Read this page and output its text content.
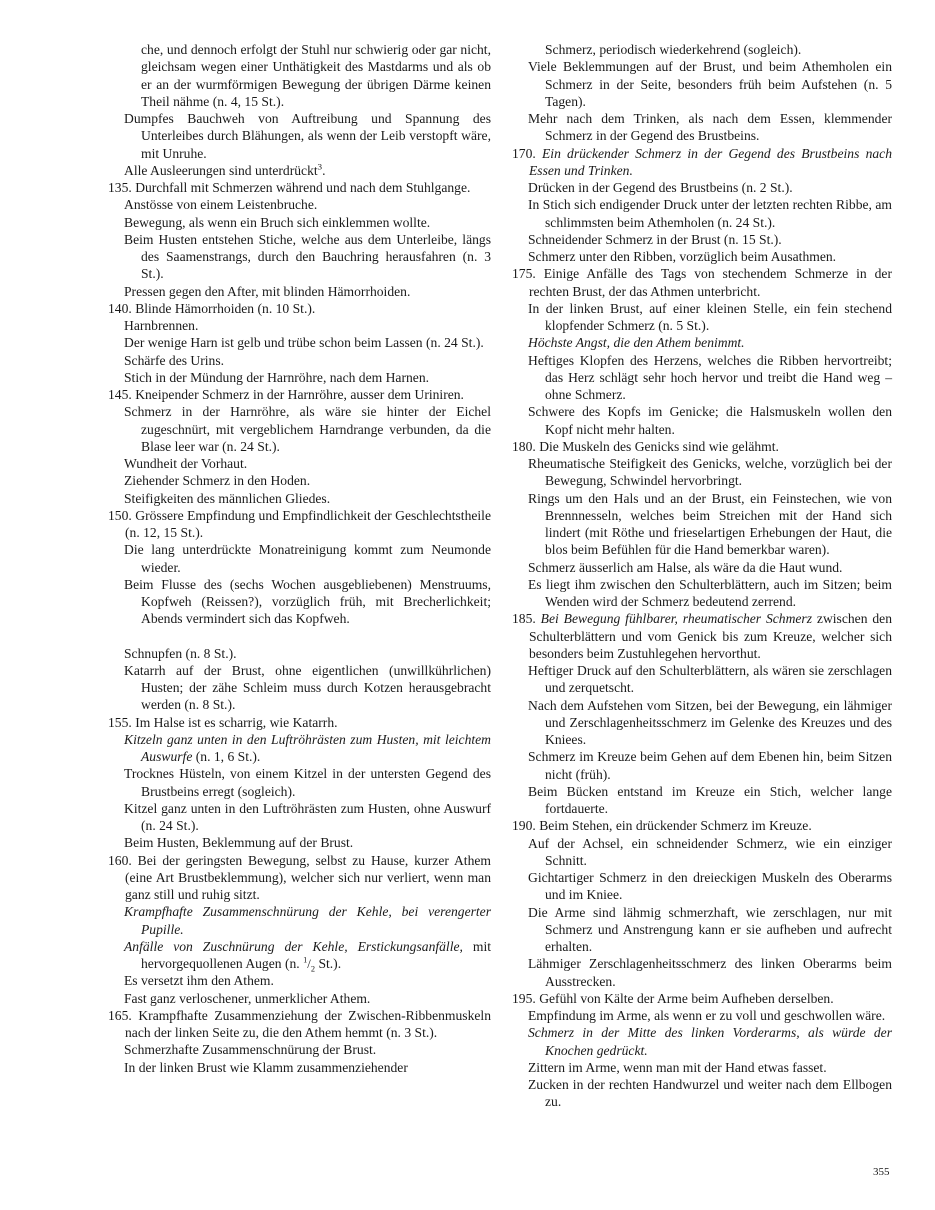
che, und dennoch erfolgt der Stuhl nur schwierig oder gar nicht, gleichsam wegen einer Unthätigkeit des Mastdarms und als ob er an der wurmförmigen Bewegung der übrigen Därme keinen Theil nähme (n. 4, 15 St.).

Dumpfes Bauchweh von Auftreibung und Spannung des Unterleibes durch Blähungen, als wenn der Leib verstopft wäre, mit Unruhe.

Alle Ausleerungen sind unterdrückt$^3$.

135. Durchfall mit Schmerzen während und nach dem Stuhlgange.

Anstösse von einem Leistenbruche.

Bewegung, als wenn ein Bruch sich einklemmen wollte.

Beim Husten entstehen Stiche, welche aus dem Unterleibe, längs des Saamenstrangs, durch den Bauchring herausfahren (n. 3 St.).

Pressen gegen den After, mit blinden Hämorrhoiden.

140. Blinde Hämorrhoiden (n. 10 St.).

Harnbrennen.

Der wenige Harn ist gelb und trübe schon beim Lassen (n. 24 St.).

Schärfe des Urins.

Stich in der Mündung der Harnröhre, nach dem Harnen.

145. Kneipender Schmerz in der Harnröhre, ausser dem Uriniren.

Schmerz in der Harnröhre, als wäre sie hinter der Eichel zugeschnürt, mit vergeblichem Harndrange verbunden, da die Blase leer war (n. 24 St.).

Wundheit der Vorhaut.

Ziehender Schmerz in den Hoden.

Steifigkeiten des männlichen Gliedes.

150. Grössere Empfindung und Empfindlichkeit der Geschlechtstheile (n. 12, 15 St.).

Die lang unterdrückte Monatreinigung kommt zum Neumonde wieder.

Beim Flusse des (sechs Wochen ausgebliebenen) Menstruums, Kopfweh (Reissen?), vorzüglich früh, mit Brecherlichkeit; Abends vermindert sich das Kopfweh.

Schnupfen (n. 8 St.).

Katarrh auf der Brust, ohne eigentlichen (unwillkührlichen) Husten; der zähe Schleim muss durch Kotzen herausgebracht werden (n. 8 St.).

155. Im Halse ist es scharrig, wie Katarrh.

Kitzeln ganz unten in den Luftröhrästen zum Husten, mit leichtem Auswurfe (n. 1, 6 St.).

Trocknes Hüsteln, von einem Kitzel in der untersten Gegend des Brustbeins erregt (sogleich).

Kitzel ganz unten in den Luftröhrästen zum Husten, ohne Auswurf (n. 24 St.).

Beim Husten, Beklemmung auf der Brust.

160. Bei der geringsten Bewegung, selbst zu Hause, kurzer Athem (eine Art Brustbeklemmung), welcher sich nur verliert, wenn man ganz still und ruhig sitzt.

Krampfhafte Zusammenschnürung der Kehle, bei verengerter Pupille.

Anfälle von Zuschnürung der Kehle, Erstickungsanfälle, mit hervorgequollenen Augen (n. $^1/_2$ St.).

Es versetzt ihm den Athem.

Fast ganz verloschener, unmerklicher Athem.

165. Krampfhafte Zusammenziehung der Zwischen-Ribbenmuskeln nach der linken Seite zu, die den Athem hemmt (n. 3 St.).

Schmerzhafte Zusammenschnürung der Brust.

In der linken Brust wie Klamm zusammenziehender

Schmerz, periodisch wiederkehrend (sogleich).

Viele Beklemmungen auf der Brust, und beim Athemholen ein Schmerz in der Seite, besonders früh beim Aufstehen (n. 5 Tagen).

Mehr nach dem Trinken, als nach dem Essen, klemmender Schmerz in der Gegend des Brustbeins.

170. Ein drückender Schmerz in der Gegend des Brustbeins nach Essen und Trinken.

Drücken in der Gegend des Brustbeins (n. 2 St.).

In Stich sich endigender Druck unter der letzten rechten Ribbe, am schlimmsten beim Athemholen (n. 24 St.).

Schneidender Schmerz in der Brust (n. 15 St.).

Schmerz unter den Ribben, vorzüglich beim Ausathmen.

175. Einige Anfälle des Tags von stechendem Schmerze in der rechten Brust, der das Athmen unterbricht.

In der linken Brust, auf einer kleinen Stelle, ein fein stechend klopfender Schmerz (n. 5 St.).

Höchste Angst, die den Athem benimmt.

Heftiges Klopfen des Herzens, welches die Ribben hervortreibt; das Herz schlägt sehr hoch hervor und treibt die Hand weg – ohne Schmerz.

Schwere des Kopfs im Genicke; die Halsmuskeln wollen den Kopf nicht mehr halten.

180. Die Muskeln des Genicks sind wie gelähmt.

Rheumatische Steifigkeit des Genicks, welche, vorzüglich bei der Bewegung, Schwindel hervorbringt.

Rings um den Hals und an der Brust, ein Feinstechen, wie von Brennnesseln, welches beim Streichen mit der Hand sich lindert (mit Röthe und frieselartigen Erhebungen der Haut, die blos beim Befühlen für die Hand bemerkbar waren).

Schmerz äusserlich am Halse, als wäre da die Haut wund.

Es liegt ihm zwischen den Schulterblättern, auch im Sitzen; beim Wenden wird der Schmerz bedeutend zerrend.

185. Bei Bewegung fühlbarer, rheumatischer Schmerz zwischen den Schulterblättern und vom Genick bis zum Kreuze, welcher sich besonders beim Zustuhlegehen hervorthut.

Heftiger Druck auf den Schulterblättern, als wären sie zerschlagen und zerquetscht.

Nach dem Aufstehen vom Sitzen, bei der Bewegung, ein lähmiger und Zerschlagenheitsschmerz im Gelenke des Kreuzes und des Kniees.

Schmerz im Kreuze beim Gehen auf dem Ebenen hin, beim Sitzen nicht (früh).

Beim Bücken entstand im Kreuze ein Stich, welcher lange fortdauerte.

190. Beim Stehen, ein drückender Schmerz im Kreuze.

Auf der Achsel, ein schneidender Schmerz, wie ein einziger Schnitt.

Gichtartiger Schmerz in den dreieckigen Muskeln des Oberarms und im Kniee.

Die Arme sind lähmig schmerzhaft, wie zerschlagen, nur mit Schmerz und Anstrengung kann er sie aufheben und aufrecht erhalten.

Lähmiger Zerschlagenheitsschmerz des linken Oberarms beim Ausstrecken.

195. Gefühl von Kälte der Arme beim Aufheben derselben.

Empfindung im Arme, als wenn er zu voll und geschwollen wäre.

Schmerz in der Mitte des linken Vorderarms, als würde der Knochen gedrückt.

Zittern im Arme, wenn man mit der Hand etwas fasset.

Zucken in der rechten Handwurzel und weiter nach dem Ellbogen zu.

355
